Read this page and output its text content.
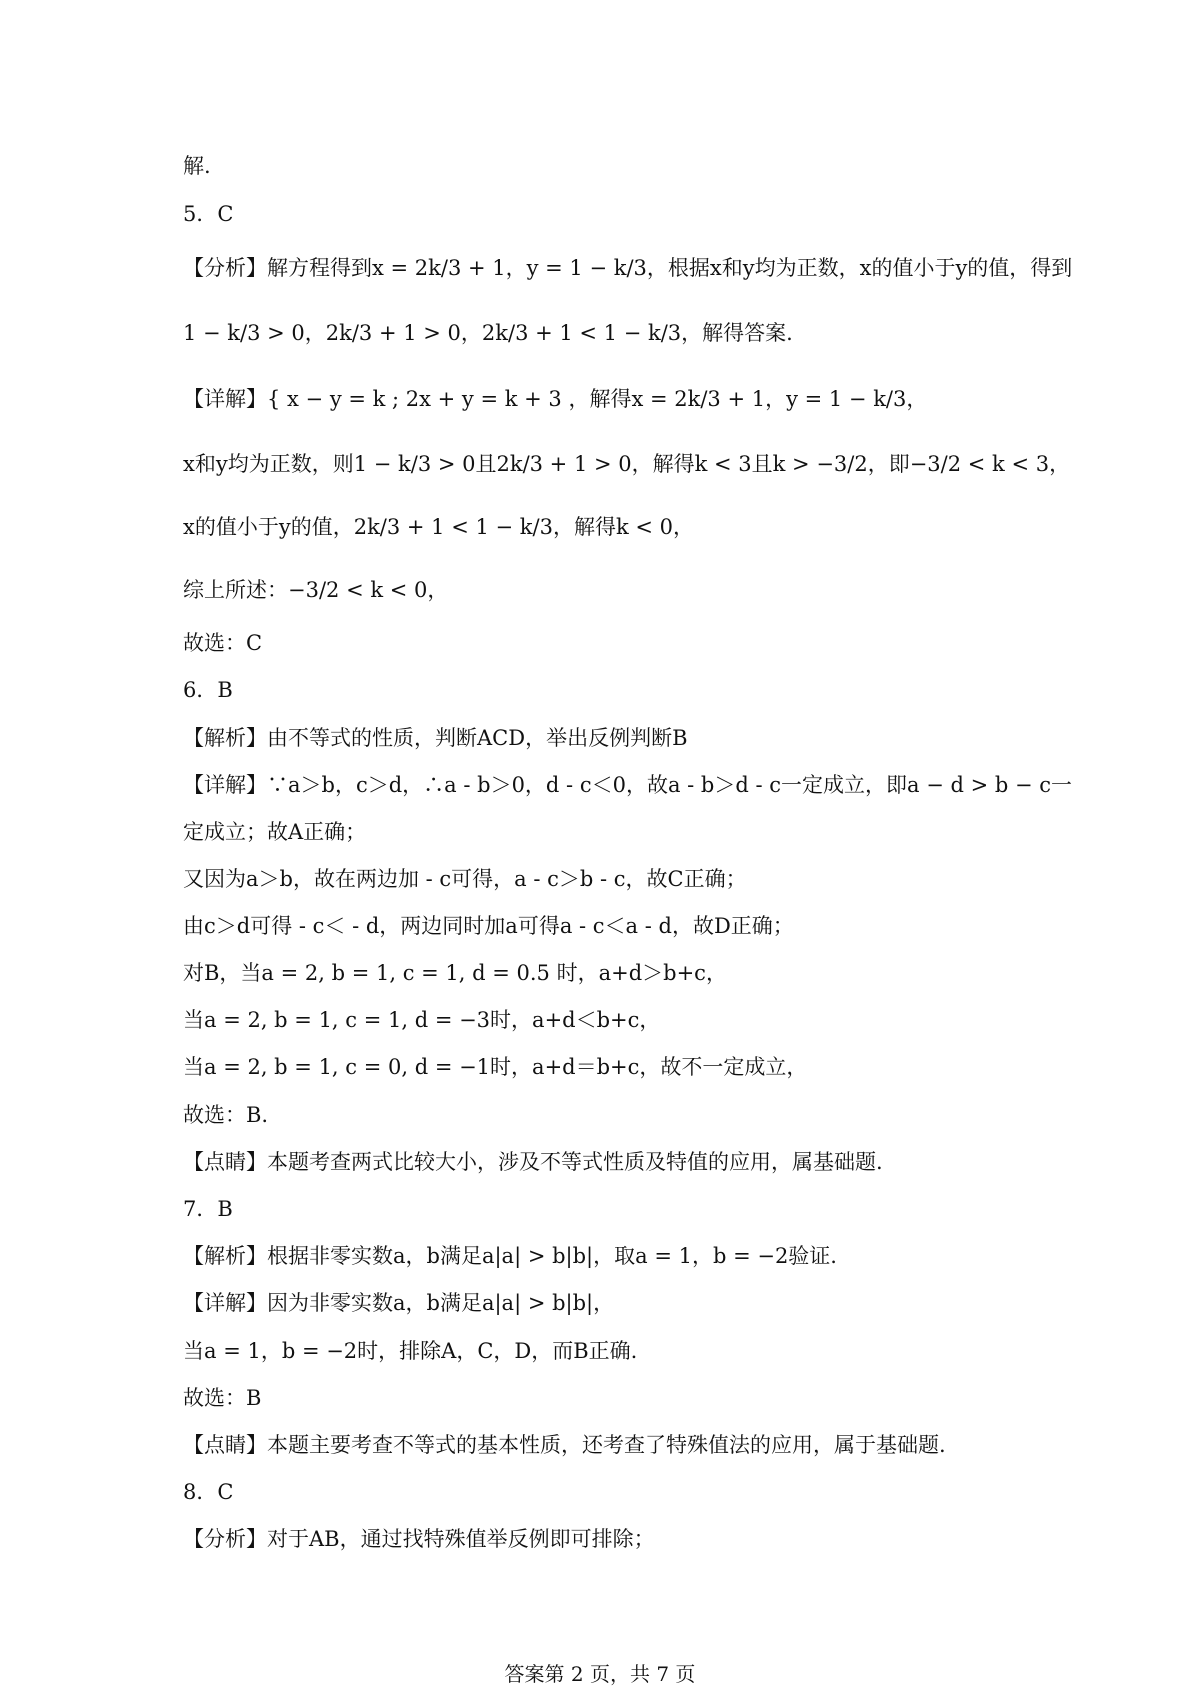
解.
5．C
【分析】解方程得到x = 2k/3 + 1，y = 1 − k/3，根据x和y均为正数，x的值小于y的值，得到
1 − k/3 > 0，2k/3 + 1 > 0，2k/3 + 1 < 1 − k/3，解得答案.
【详解】{ x − y = k ; 2x + y = k + 3 ，解得x = 2k/3 + 1，y = 1 − k/3，
x和y均为正数，则1 − k/3 > 0且2k/3 + 1 > 0，解得k < 3且k > −3/2，即−3/2 < k < 3，
x的值小于y的值，2k/3 + 1 < 1 − k/3，解得k < 0，
综上所述：−3/2 < k < 0，
故选：C
6．B
【解析】由不等式的性质，判断ACD，举出反例判断B
【详解】∵a＞b，c＞d，∴a - b＞0，d - c＜0，故a - b＞d - c一定成立，即a − d > b − c一
定成立；故A正确；
又因为a＞b，故在两边加 - c可得，a - c＞b - c，故C正确；
由c＞d可得 - c＜ - d，两边同时加a可得a - c＜a - d，故D正确；
对B，当a = 2, b = 1, c = 1, d = 0.5 时，a+d＞b+c，
当a = 2, b = 1, c = 1, d = −3时，a+d＜b+c，
当a = 2, b = 1, c = 0, d = −1时，a+d＝b+c，故不一定成立，
故选：B.
【点睛】本题考查两式比较大小，涉及不等式性质及特值的应用，属基础题.
7．B
【解析】根据非零实数a，b满足a|a| > b|b|，取a = 1，b = −2验证.
【详解】因为非零实数a，b满足a|a| > b|b|，
当a = 1，b = −2时，排除A，C，D，而B正确.
故选：B
【点睛】本题主要考查不等式的基本性质，还考查了特殊值法的应用，属于基础题.
8．C
【分析】对于AB，通过找特殊值举反例即可排除；
答案第 2 页，共 7 页
